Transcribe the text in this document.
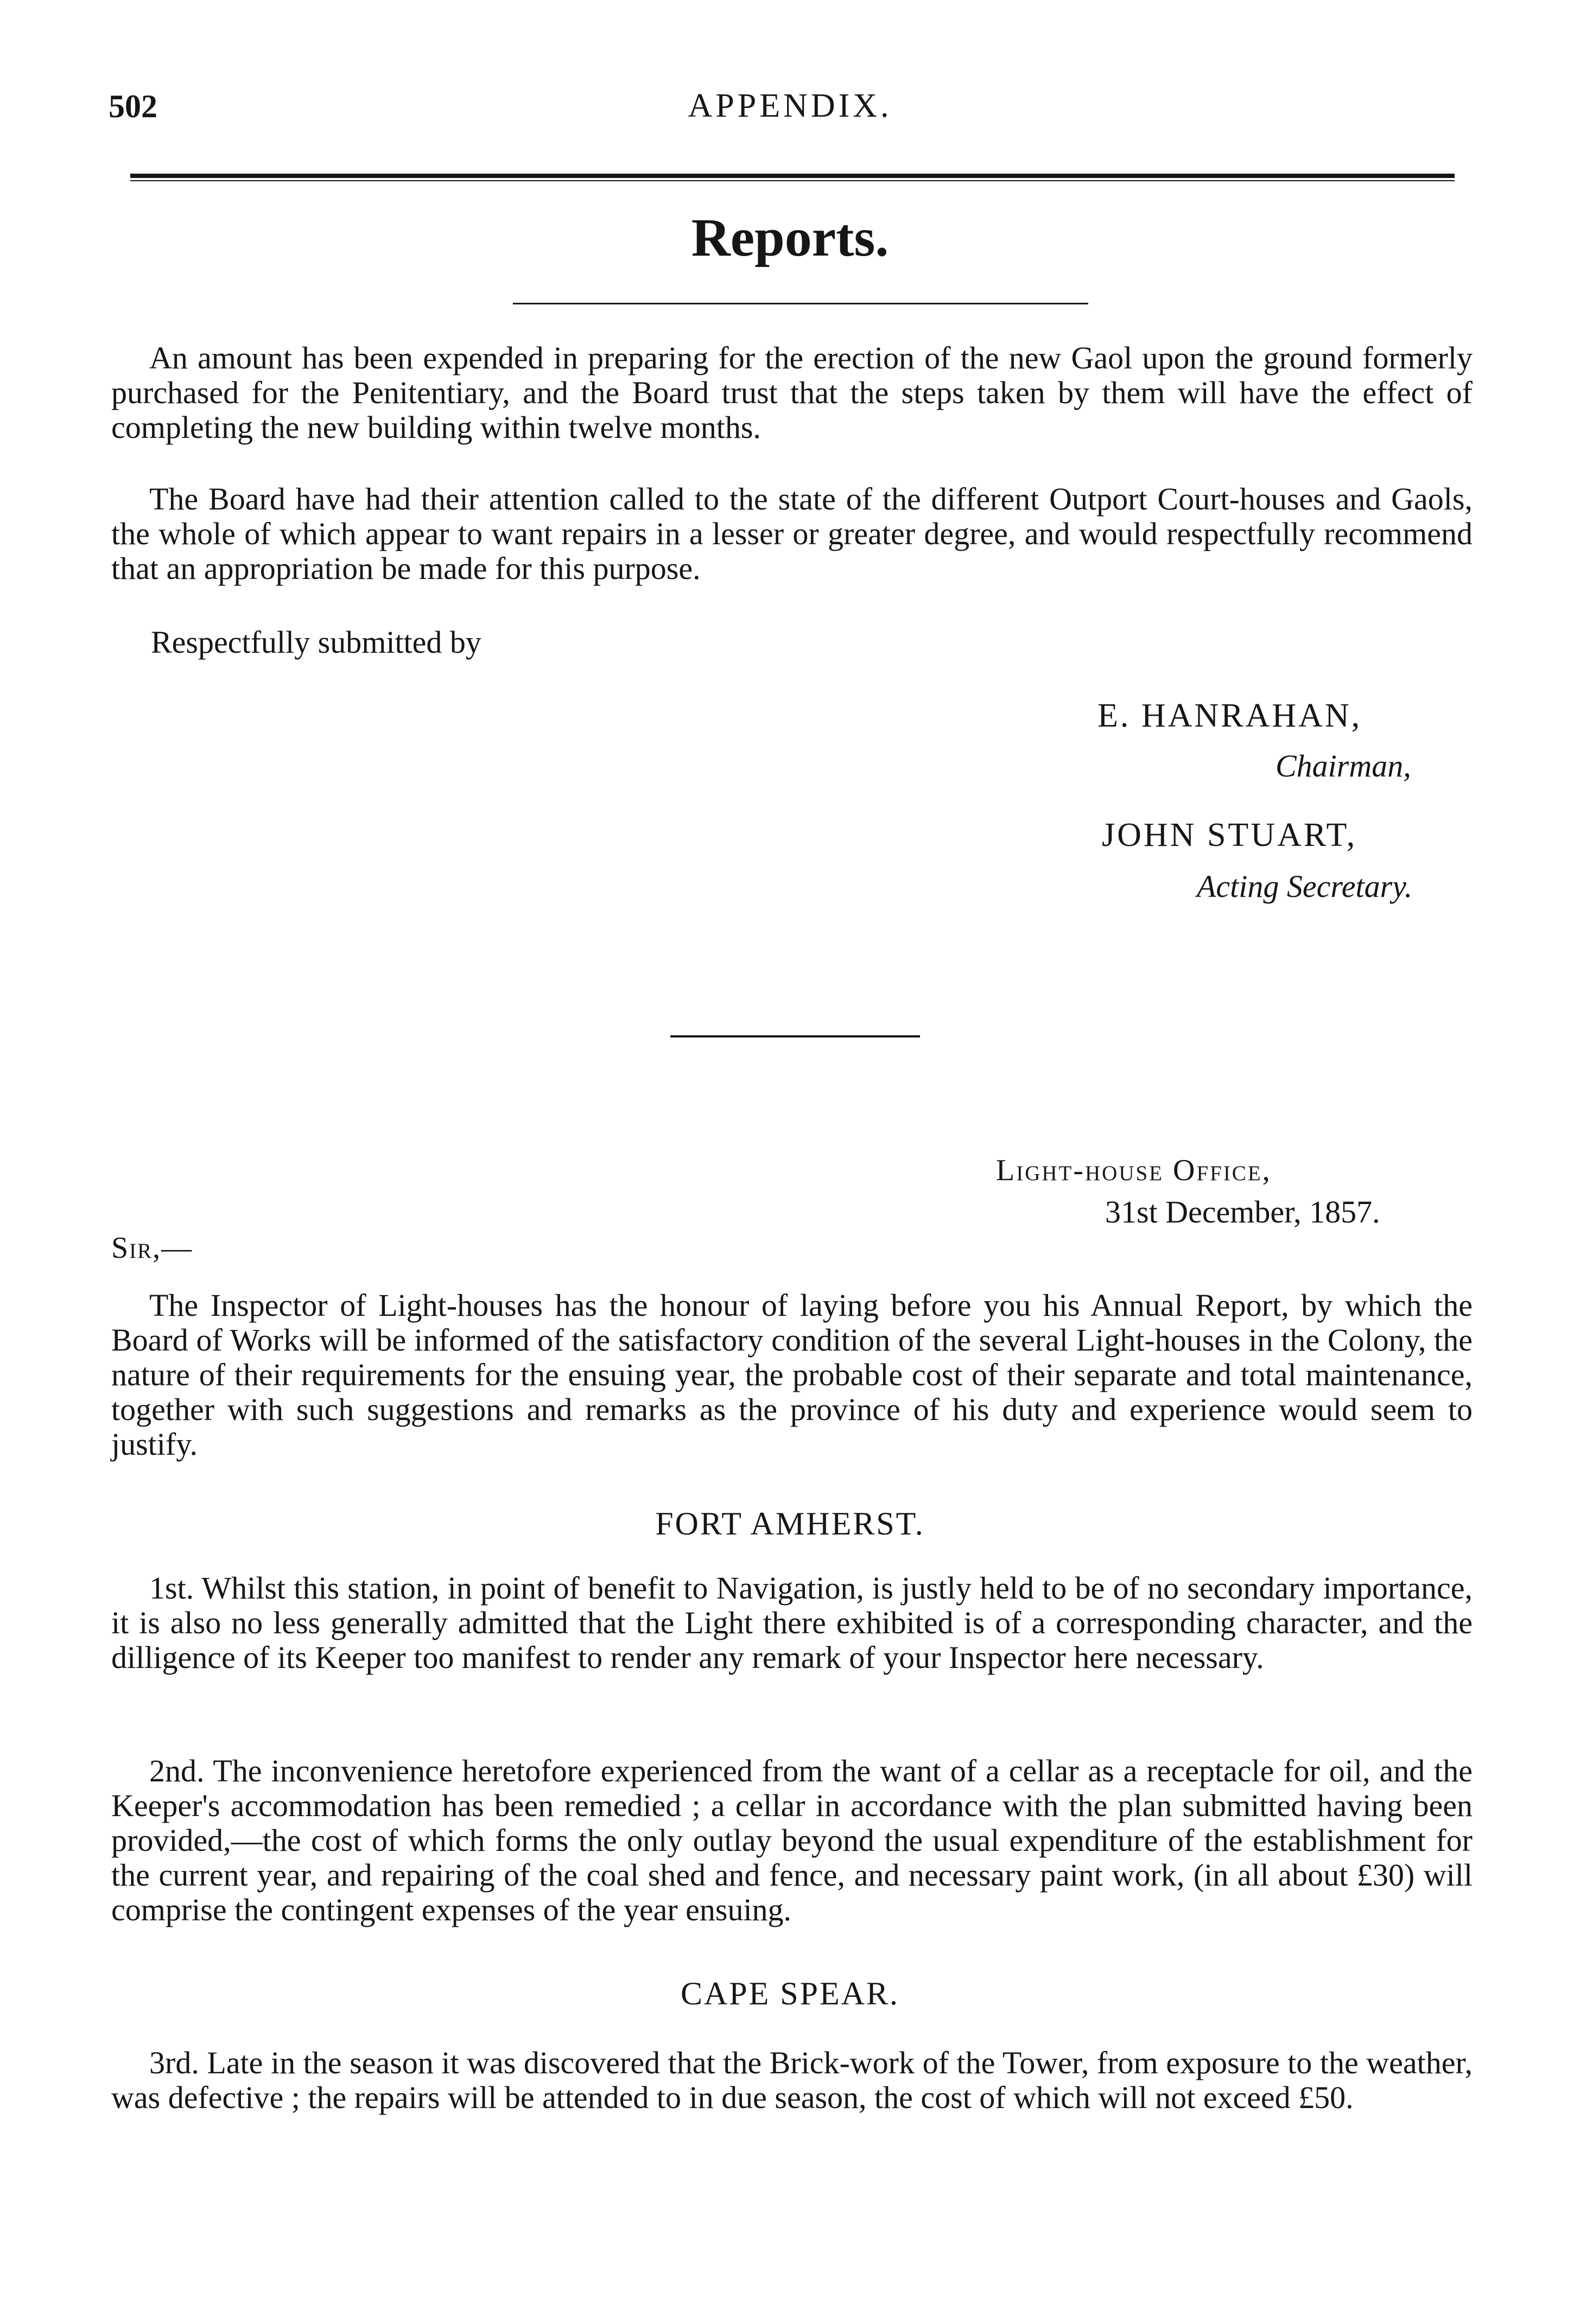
502	APPENDIX.
Reports.
An amount has been expended in preparing for the erection of the new Gaol upon the ground formerly purchased for the Penitentiary, and the Board trust that the steps taken by them will have the effect of completing the new building within twelve months.
The Board have had their attention called to the state of the different Outport Court-houses and Gaols, the whole of which appear to want repairs in a lesser or greater degree, and would respectfully recommend that an appropriation be made for this purpose.
Respectfully submitted by
E. HANRAHAN,
Chairman,
JOHN STUART,
Acting Secretary.
Light-house Office,
31st December, 1857.
Sir,—
The Inspector of Light-houses has the honour of laying before you his Annual Report, by which the Board of Works will be informed of the satisfactory condition of the several Light-houses in the Colony, the nature of their requirements for the ensuing year, the probable cost of their separate and total maintenance, together with such suggestions and remarks as the province of his duty and experience would seem to justify.
FORT AMHERST.
1st. Whilst this station, in point of benefit to Navigation, is justly held to be of no secondary importance, it is also no less generally admitted that the Light there exhibited is of a corresponding character, and the dilligence of its Keeper too manifest to render any remark of your Inspector here necessary.
2nd. The inconvenience heretofore experienced from the want of a cellar as a receptacle for oil, and the Keeper's accommodation has been remedied ; a cellar in accordance with the plan submitted having been provided,—the cost of which forms the only outlay beyond the usual expenditure of the establishment for the current year, and repairing of the coal shed and fence, and necessary paint work, (in all about £30) will comprise the contingent expenses of the year ensuing.
CAPE SPEAR.
3rd. Late in the season it was discovered that the Brick-work of the Tower, from exposure to the weather, was defective ; the repairs will be attended to in due season, the cost of which will not exceed £50.
